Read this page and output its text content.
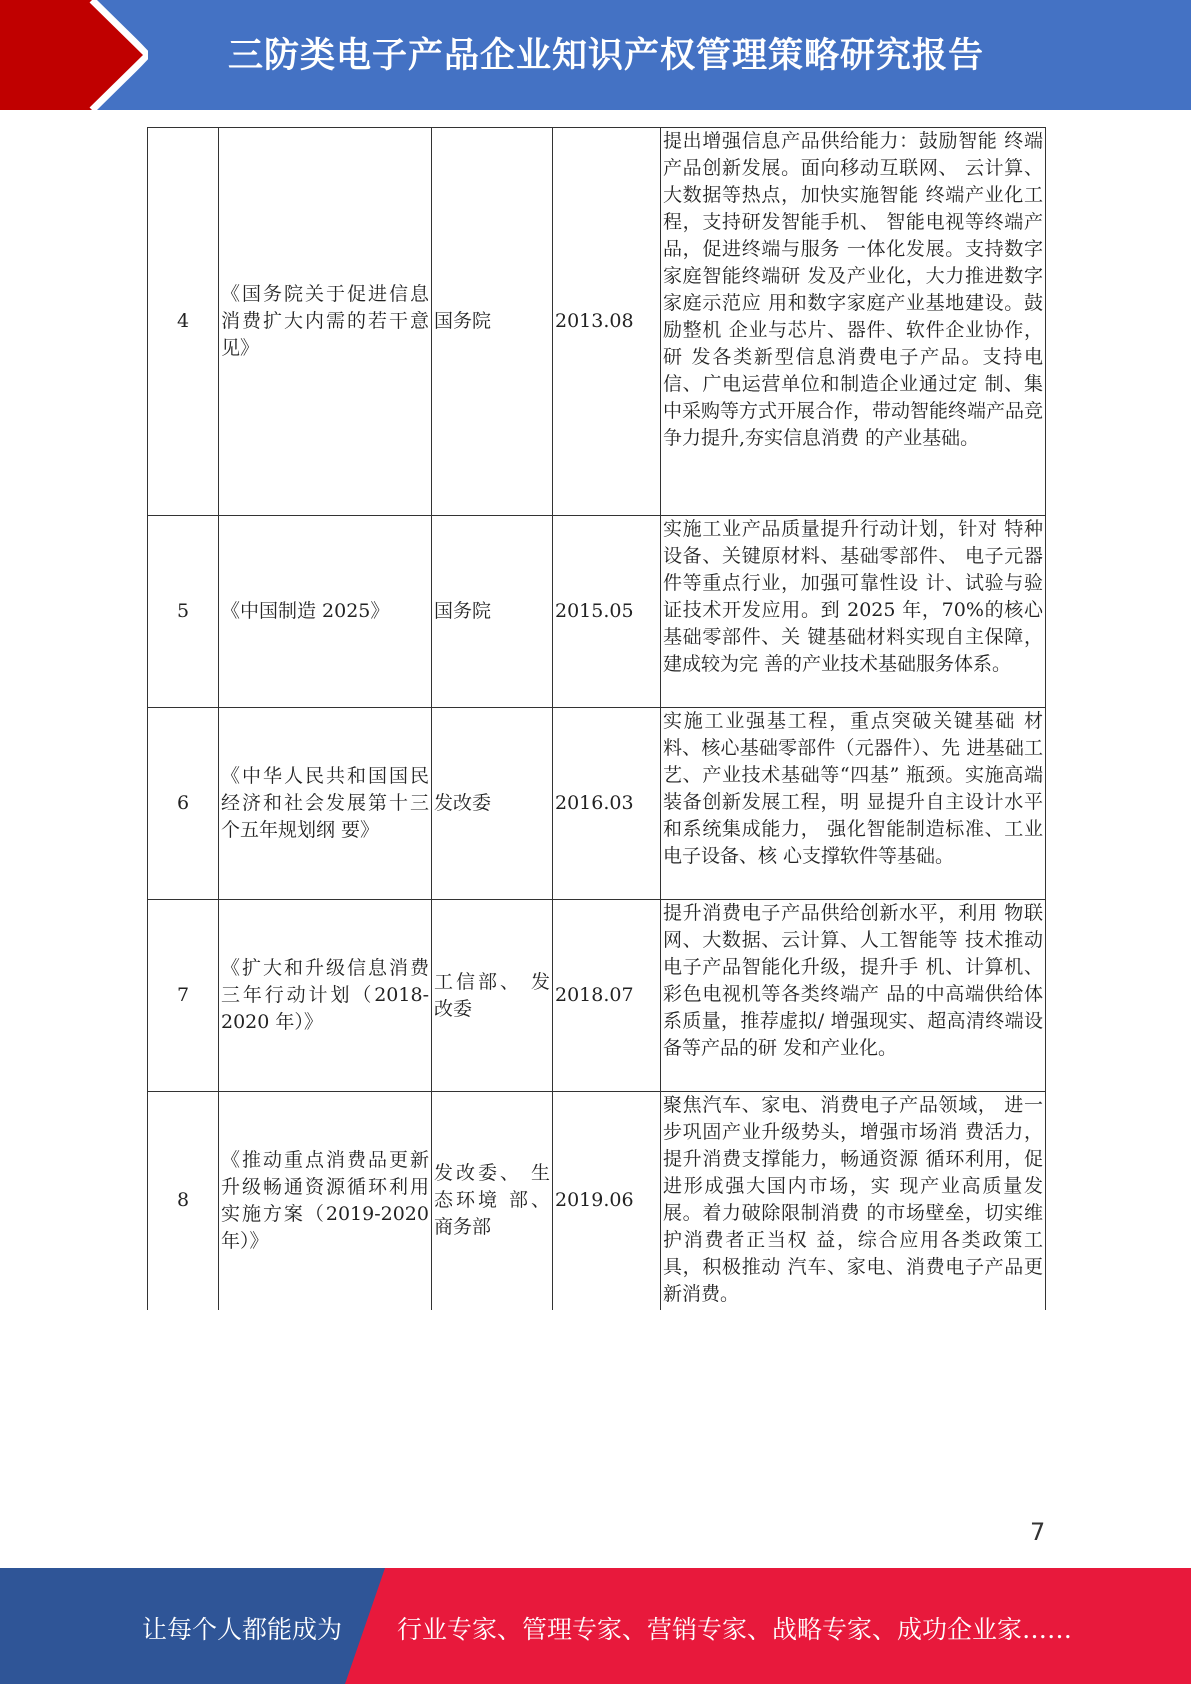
三防类电子产品企业知识产权管理策略研究报告
4	《国务院关于促进信息消费扩大内需的若干意见》	国务院	2013.08	提出增强信息产品供给能力：鼓励智能 终端产品创新发展。面向移动互联网、 云计算、大数据等热点，加快实施智能 终端产业化工程，支持研发智能手机、 智能电视等终端产品，促进终端与服务 一体化发展。支持数字家庭智能终端研 发及产业化，大力推进数字家庭示范应 用和数字家庭产业基地建设。鼓励整机 企业与芯片、器件、软件企业协作，研 发各类新型信息消费电子产品。支持电 信、广电运营单位和制造企业通过定 制、集中采购等方式开展合作，带动智能终端产品竞争力提升,夯实信息消费 的产业基础。
5	《中国制造 2025》	国务院	2015.05	实施工业产品质量提升行动计划，针对 特种设备、关键原材料、基础零部件、 电子元器件等重点行业，加强可靠性设 计、试验与验证技术开发应用。到 2025 年，70%的核心基础零部件、关 键基础材料实现自主保障，建成较为完 善的产业技术基础服务体系。
6	《中华人民共和国国民经济和社会发展第十三个五年规划纲 要》	发改委	2016.03	实施工业强基工程，重点突破关键基础 材料、核心基础零部件（元器件）、先 进基础工艺、产业技术基础等“四基” 瓶颈。实施高端装备创新发展工程，明 显提升自主设计水平和系统集成能力， 强化智能制造标准、工业电子设备、核 心支撑软件等基础。
7	《扩大和升级信息消费三年行动计划（2018-2020 年）》	工信部、 发改委	2018.07	提升消费电子产品供给创新水平，利用 物联网、大数据、云计算、人工智能等 技术推动电子产品智能化升级，提升手 机、计算机、彩色电视机等各类终端产 品的中高端供给体系质量，推荐虚拟/ 增强现实、超高清终端设备等产品的研 发和产业化。
8	《推动重点消费品更新升级畅通资源循环利用实施方案（2019-2020 年）》	发改委、 生态环境 部、商务部	2019.06	聚焦汽车、家电、消费电子产品领域， 进一步巩固产业升级势头，增强市场消 费活力，提升消费支撑能力，畅通资源 循环利用，促进形成强大国内市场，实 现产业高质量发展。着力破除限制消费 的市场壁垒，切实维护消费者正当权 益，综合应用各类政策工具，积极推动 汽车、家电、消费电子产品更新消费。
7
让每个人都能成为 行业专家、管理专家、营销专家、战略专家、成功企业家……
